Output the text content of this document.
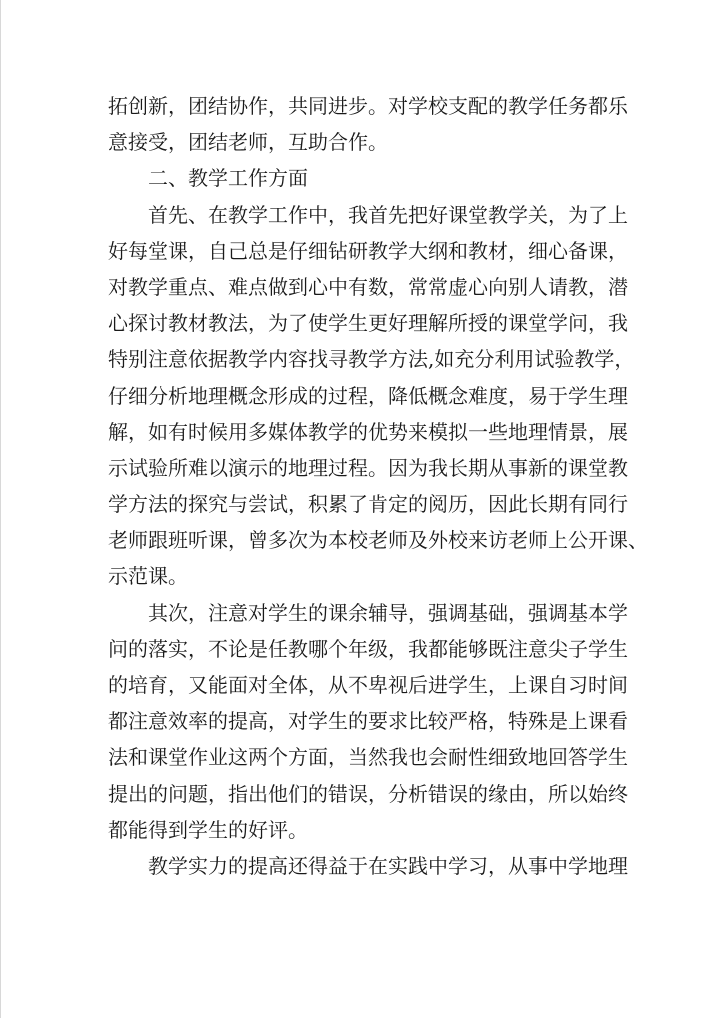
拓创新，团结协作，共同进步。对学校支配的教学任务都乐
意接受，团结老师，互助合作。
二、教学工作方面
首先、在教学工作中，我首先把好课堂教学关，为了上
好每堂课，自己总是仔细钻研教学大纲和教材，细心备课，
对教学重点、难点做到心中有数，常常虚心向别人请教，潜
心探讨教材教法，为了使学生更好理解所授的课堂学问，我
特别注意依据教学内容找寻教学方法,如充分利用试验教学，
仔细分析地理概念形成的过程，降低概念难度，易于学生理
解，如有时候用多媒体教学的优势来模拟一些地理情景，展
示试验所难以演示的地理过程。因为我长期从事新的课堂教
学方法的探究与尝试，积累了肯定的阅历，因此长期有同行
老师跟班听课，曾多次为本校老师及外校来访老师上公开课、
示范课。
其次，注意对学生的课余辅导，强调基础，强调基本学
问的落实，不论是任教哪个年级，我都能够既注意尖子学生
的培育，又能面对全体，从不卑视后进学生，上课自习时间
都注意效率的提高，对学生的要求比较严格，特殊是上课看
法和课堂作业这两个方面，当然我也会耐性细致地回答学生
提出的问题，指出他们的错误，分析错误的缘由，所以始终
都能得到学生的好评。
教学实力的提高还得益于在实践中学习，从事中学地理
